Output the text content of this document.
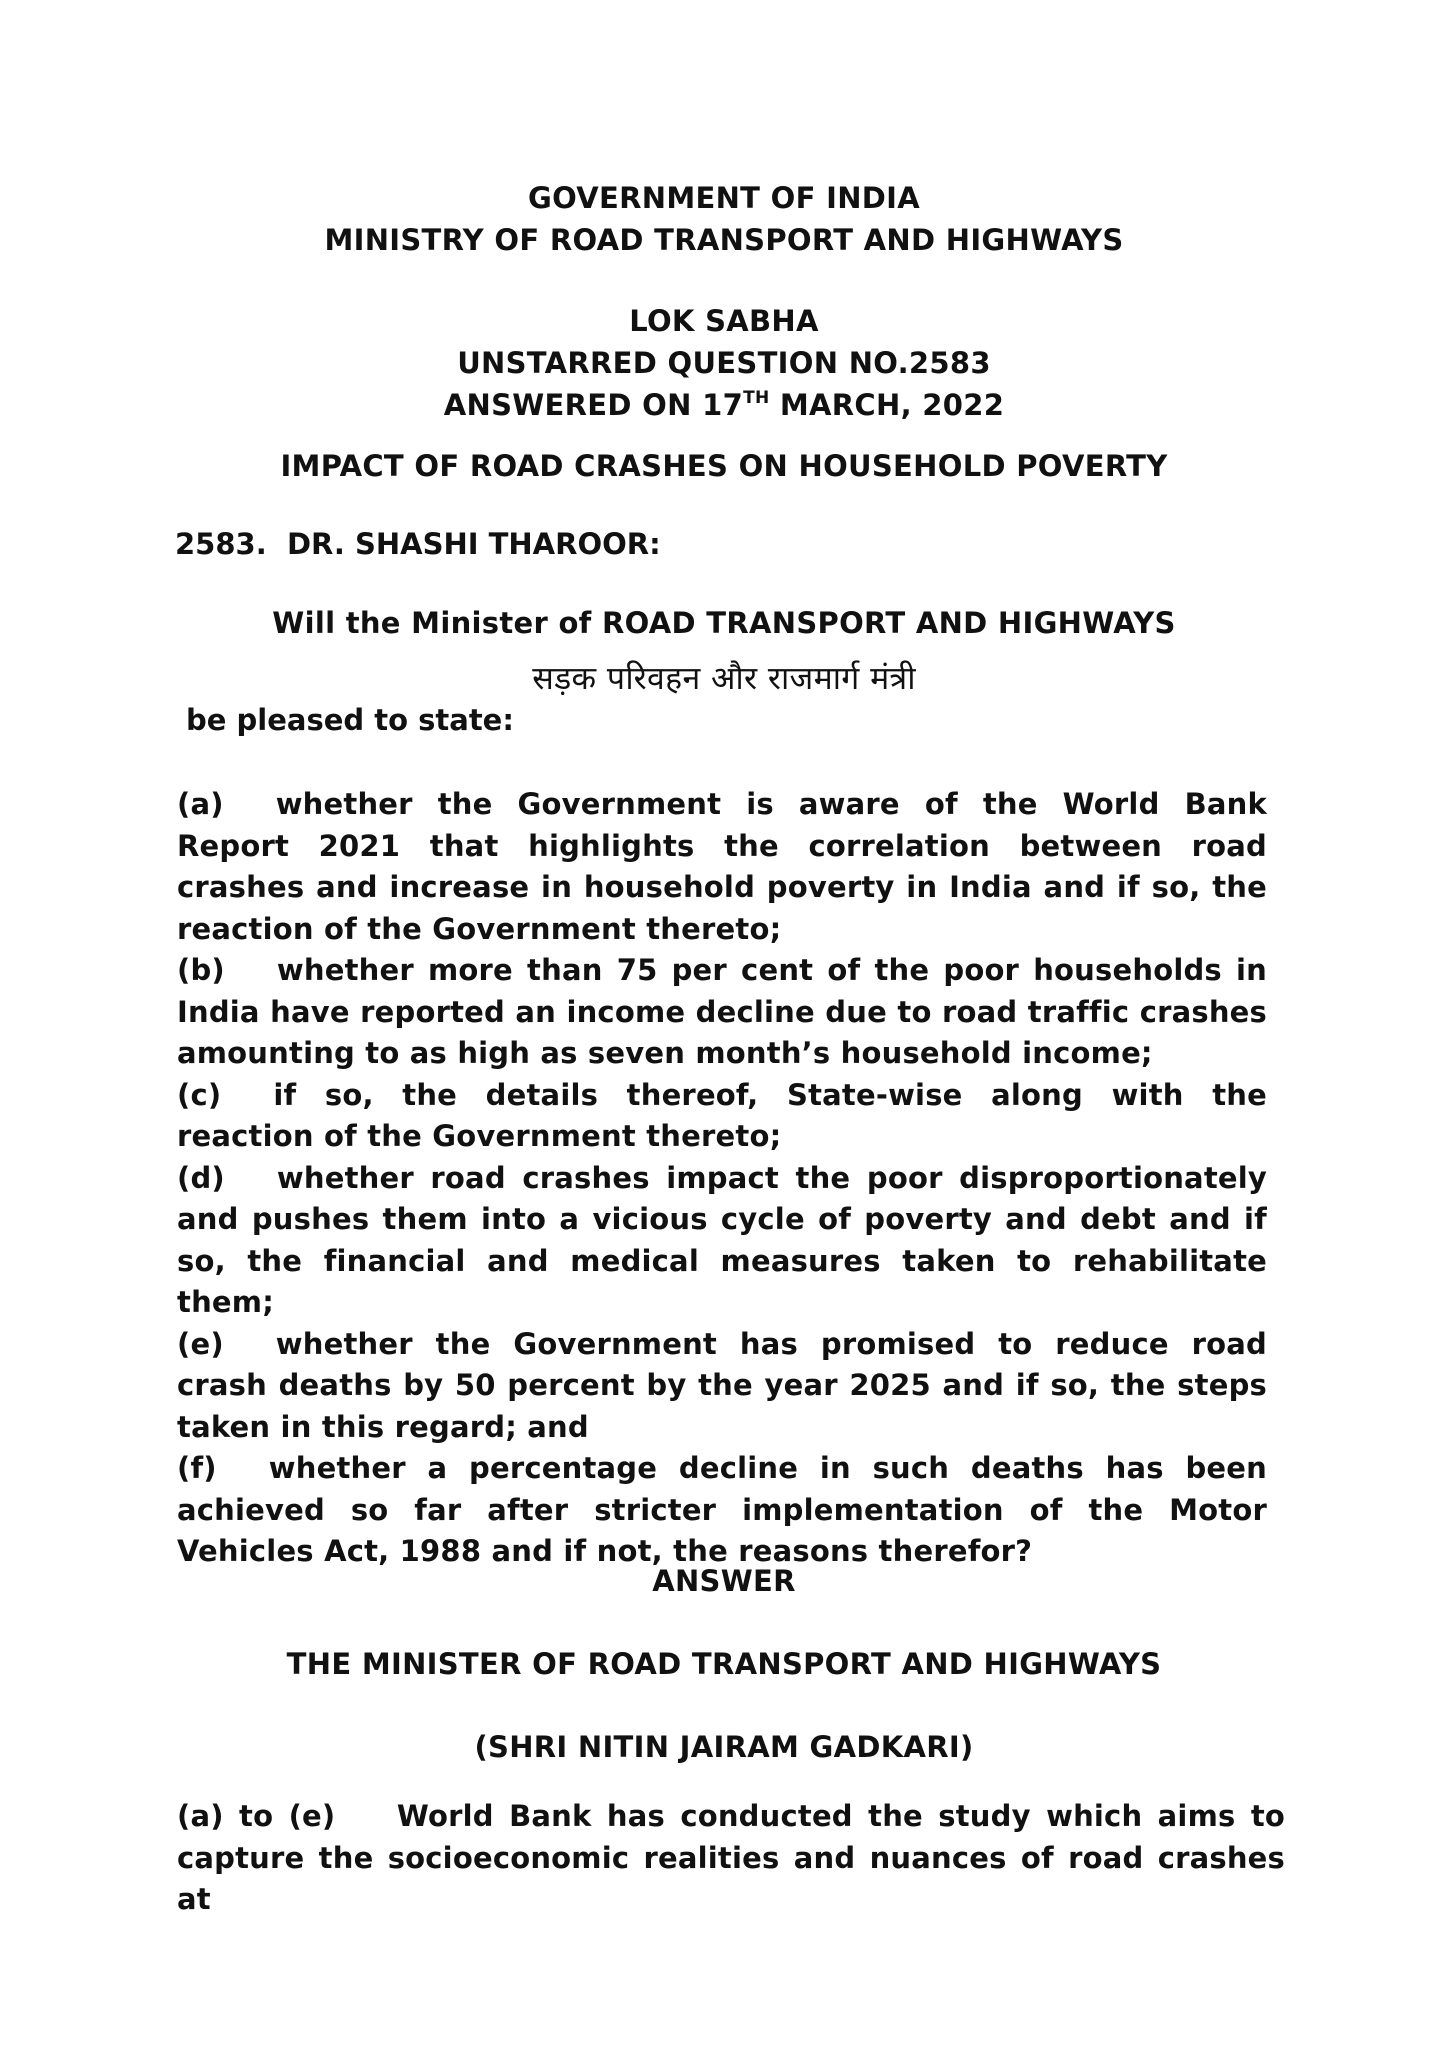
GOVERNMENT OF INDIA
MINISTRY OF ROAD TRANSPORT AND HIGHWAYS
LOK SABHA
UNSTARRED QUESTION NO.2583
ANSWERED ON 17TH MARCH, 2022
IMPACT OF ROAD CRASHES ON HOUSEHOLD POVERTY
2583. DR. SHASHI THAROOR:
Will the Minister of ROAD TRANSPORT AND HIGHWAYS
सड़क परिवहन और राजमार्ग मंत्री
be pleased to state:

(a) whether the Government is aware of the World Bank Report 2021 that highlights the correlation between road crashes and increase in household poverty in India and if so, the reaction of the Government thereto;

(b) whether more than 75 per cent of the poor households in India have reported an income decline due to road traffic crashes amounting to as high as seven month’s household income;

(c) if so, the details thereof, State-wise along with the reaction of the Government thereto;

(d) whether road crashes impact the poor disproportionately and pushes them into a vicious cycle of poverty and debt and if so, the financial and medical measures taken to rehabilitate them;

(e) whether the Government has promised to reduce road crash deaths by 50 percent by the year 2025 and if so, the steps taken in this regard; and

(f) whether a percentage decline in such deaths has been achieved so far after stricter implementation of the Motor Vehicles Act, 1988 and if not, the reasons therefor?

ANSWER
THE MINISTER OF ROAD TRANSPORT AND HIGHWAYS
(SHRI NITIN JAIRAM GADKARI)
(a) to (e) World Bank has conducted the study which aims to capture the socioeconomic realities and nuances of road crashes at
